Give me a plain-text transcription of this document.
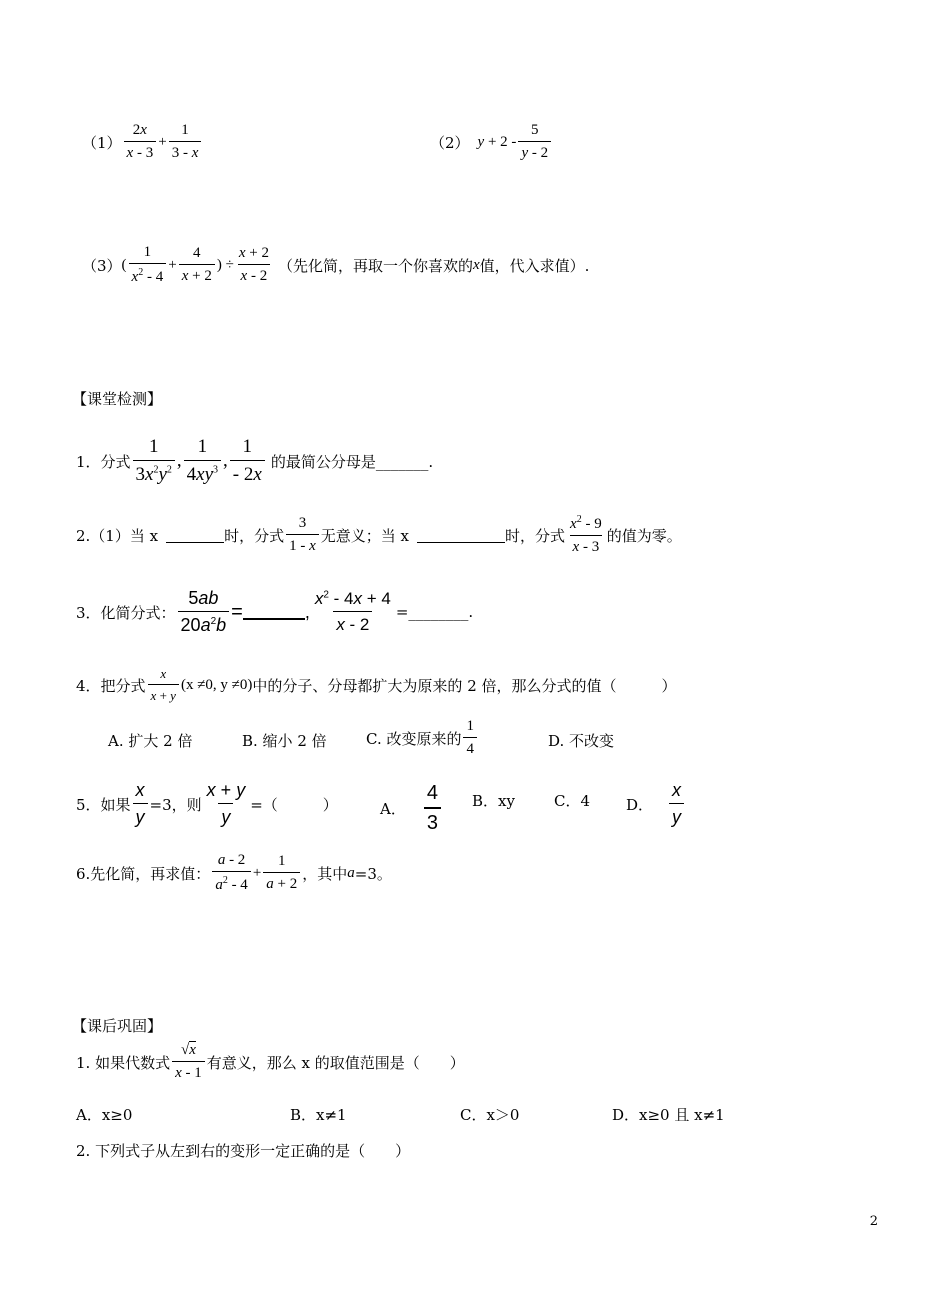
$(1) \frac{2x}{x - 3} + \frac{1}{3 - x}$	（2） $y + 2 - \frac{5}{y - 2}$
（3） ( $\frac{1}{x^2 - 4} + \frac{4}{x + 2}$ ) ÷ $\frac{x + 2}{x - 2}$ （先化简，再取一个你喜欢的 x 值，代入求值）.
【课堂检测】
1．分式 $\frac{1}{3x^2y^2}$ , $\frac{1}{4xy^3}$ , $\frac{1}{- 2x}$ 的最简公分母是_______.
2.（1）当 x	时，分式 $\frac{3}{1 - x}$ 无意义；当 x	时，分式 $\frac{x^2 - 9}{x - 3}$ 的值为零。
3．化简分式： $\frac{5ab}{20a^2b}$ =	, $\frac{x^2 - 4x + 4}{x - 2}$ =________.
4．把分式 $\frac{x}{x + y} (x \ne 0$, y ≠0) 中的分子、分母都扩大为原来的 2 倍，那么分式的值（　　　）
A. 扩大 2 倍	B. 缩小 2 倍	C. 改变原来的 $\frac{1}{4}$	D. 不改变
5．如果 $\frac{x}{y} =3$，则 $\frac{x + y}{y}$ =（　　　）	A． $\frac{4}{3}$ B．xy	C．4 D． $\frac{x}{y}$
6.先化简，再求值： $\frac{a - 2}{a^2 - 4} + \frac{1}{a + 2}$ ，其中 a =3。
【课后巩固】
1. 如果代数式 $\frac{√x}{x - 1}$ 有意义，那么 x 的取值范围是（　　）
A．x≥0	B．x≠1	C．x＞0	D．x≥0 且 x≠1
2. 下列式子从左到右的变形一定正确的是（　　）
2
